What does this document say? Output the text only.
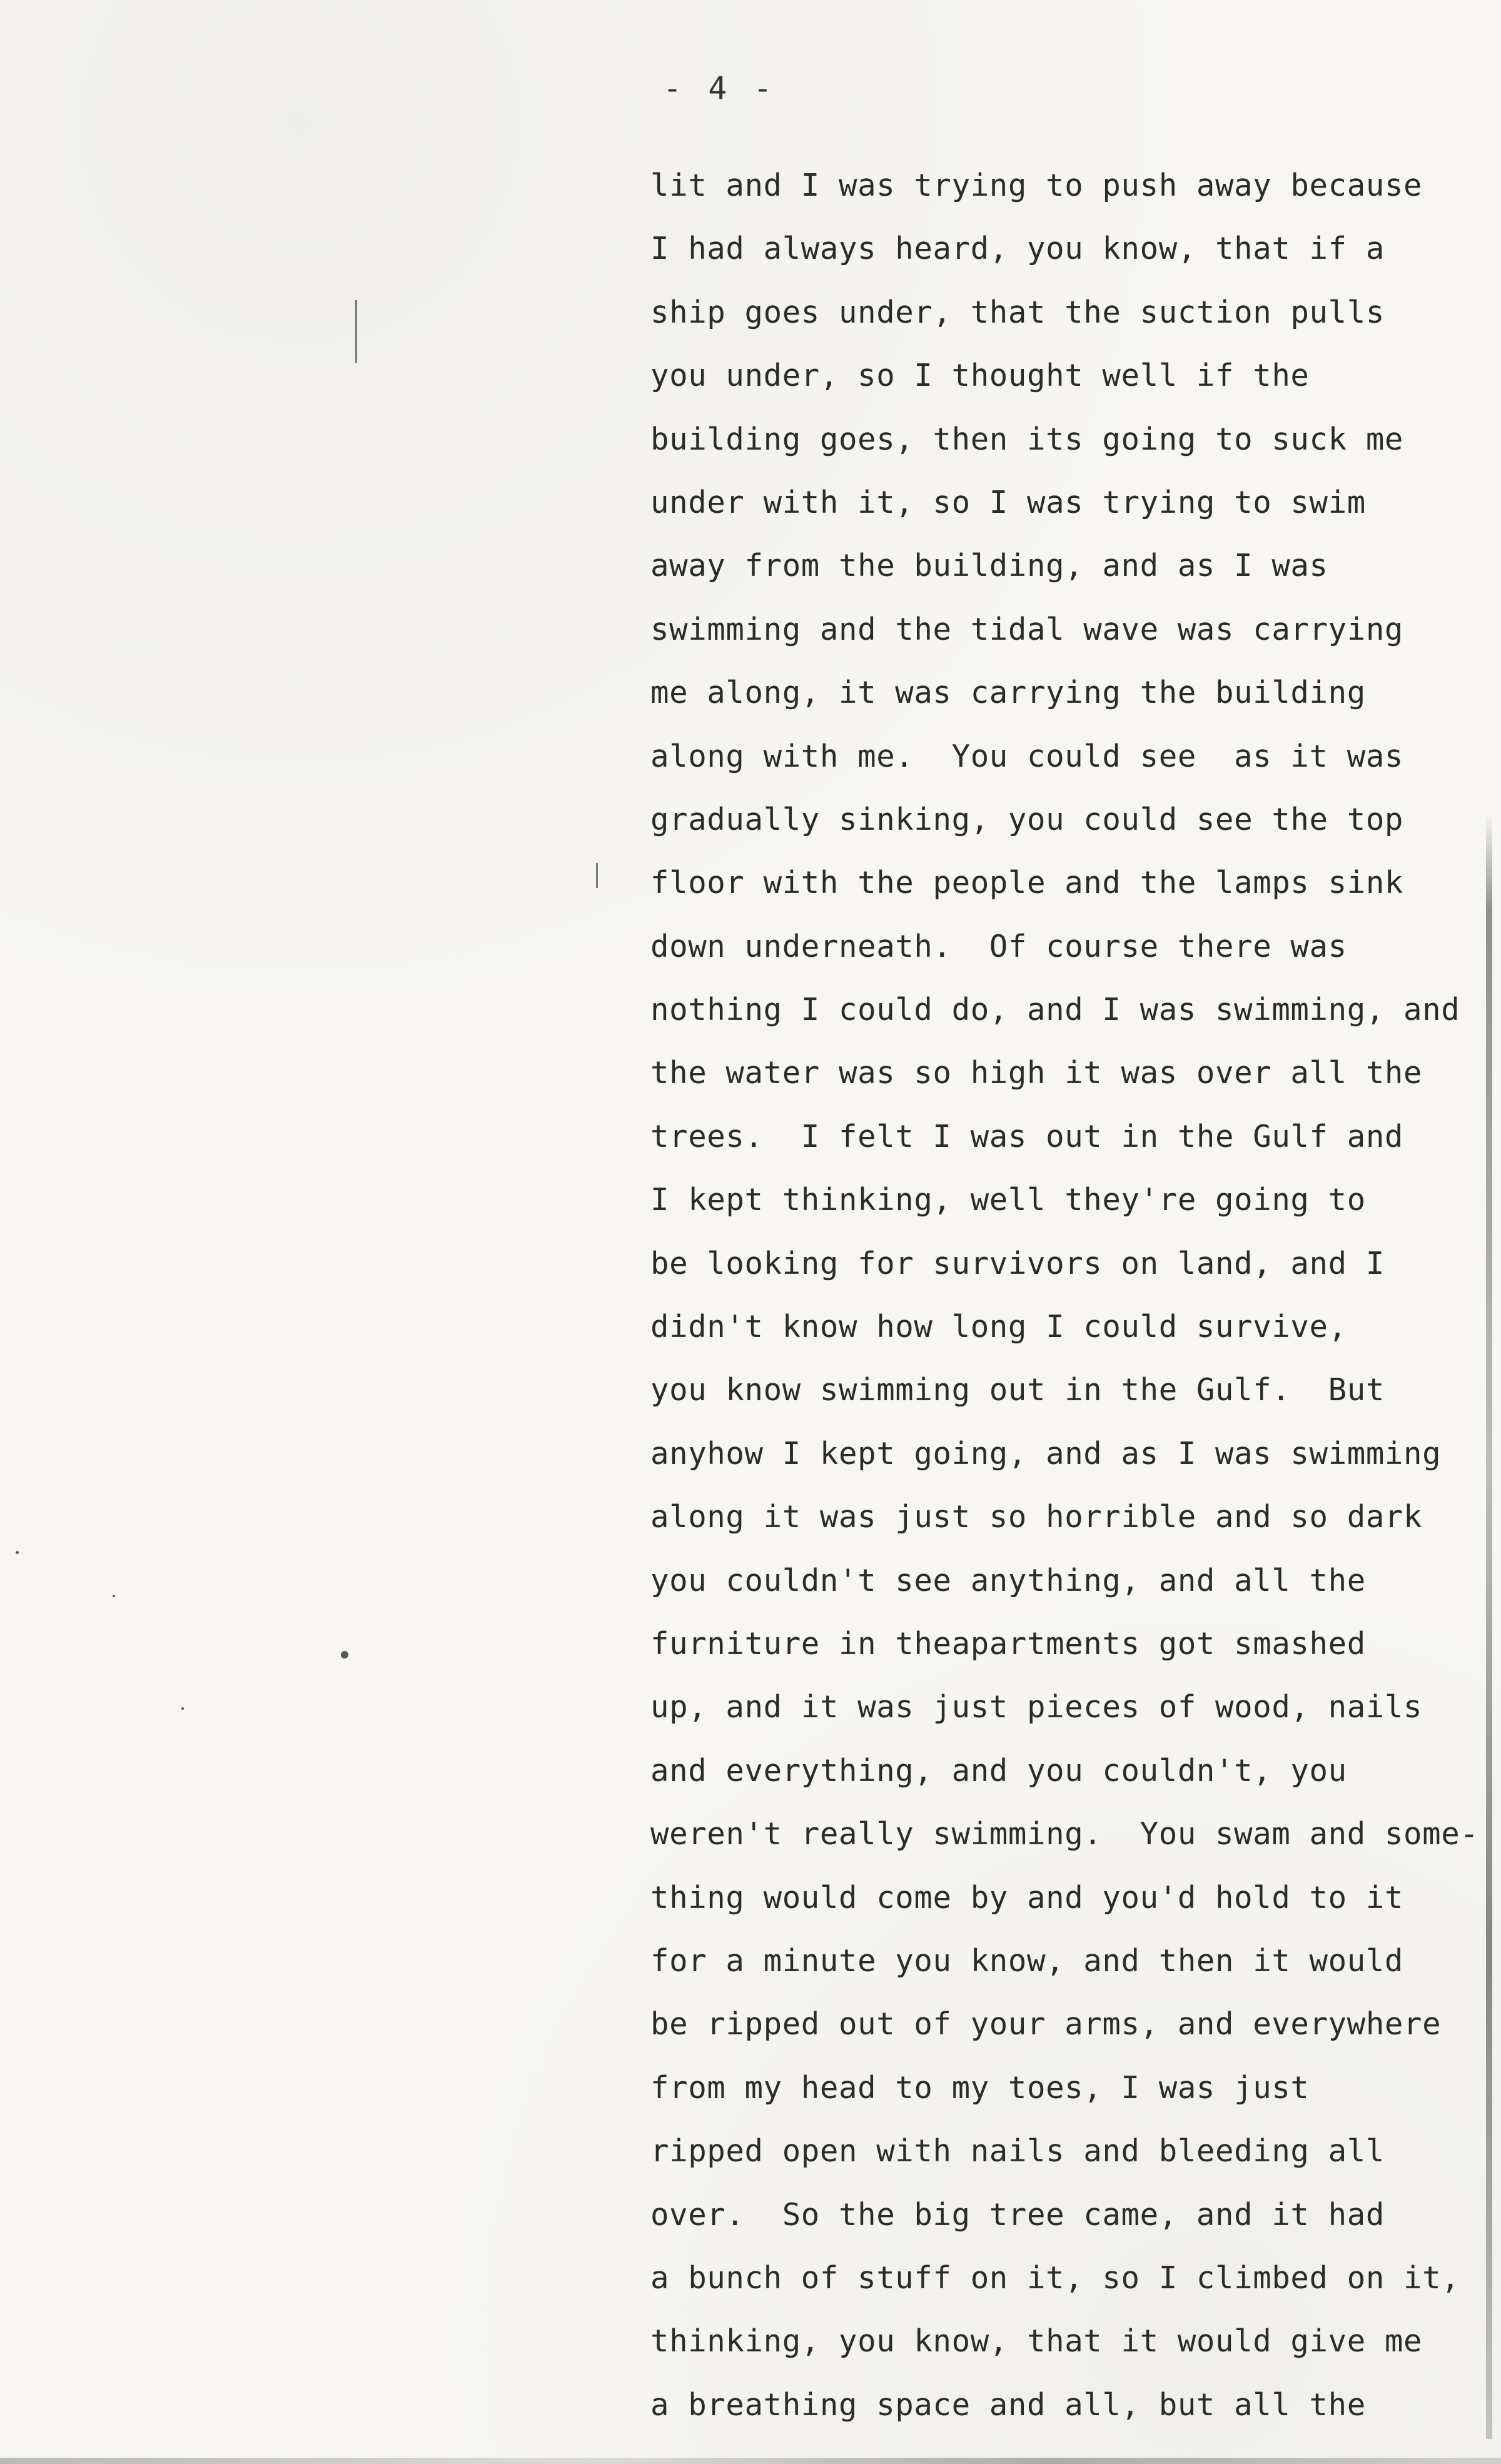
- 4 -
lit and I was trying to push away because
I had always heard, you know, that if a
ship goes under, that the suction pulls
you under, so I thought well if the
building goes, then its going to suck me
under with it, so I was trying to swim
away from the building, and as I was
swimming and the tidal wave was carrying
me along, it was carrying the building
along with me.  You could see  as it was
gradually sinking, you could see the top
floor with the people and the lamps sink
down underneath.  Of course there was
nothing I could do, and I was swimming, and
the water was so high it was over all the
trees.  I felt I was out in the Gulf and
I kept thinking, well they're going to
be looking for survivors on land, and I
didn't know how long I could survive,
you know swimming out in the Gulf.  But
anyhow I kept going, and as I was swimming
along it was just so horrible and so dark
you couldn't see anything, and all the
furniture in theapartments got smashed
up, and it was just pieces of wood, nails
and everything, and you couldn't, you
weren't really swimming.  You swam and some-
thing would come by and you'd hold to it
for a minute you know, and then it would
be ripped out of your arms, and everywhere
from my head to my toes, I was just
ripped open with nails and bleeding all
over.  So the big tree came, and it had
a bunch of stuff on it, so I climbed on it,
thinking, you know, that it would give me
a breathing space and all, but all the
